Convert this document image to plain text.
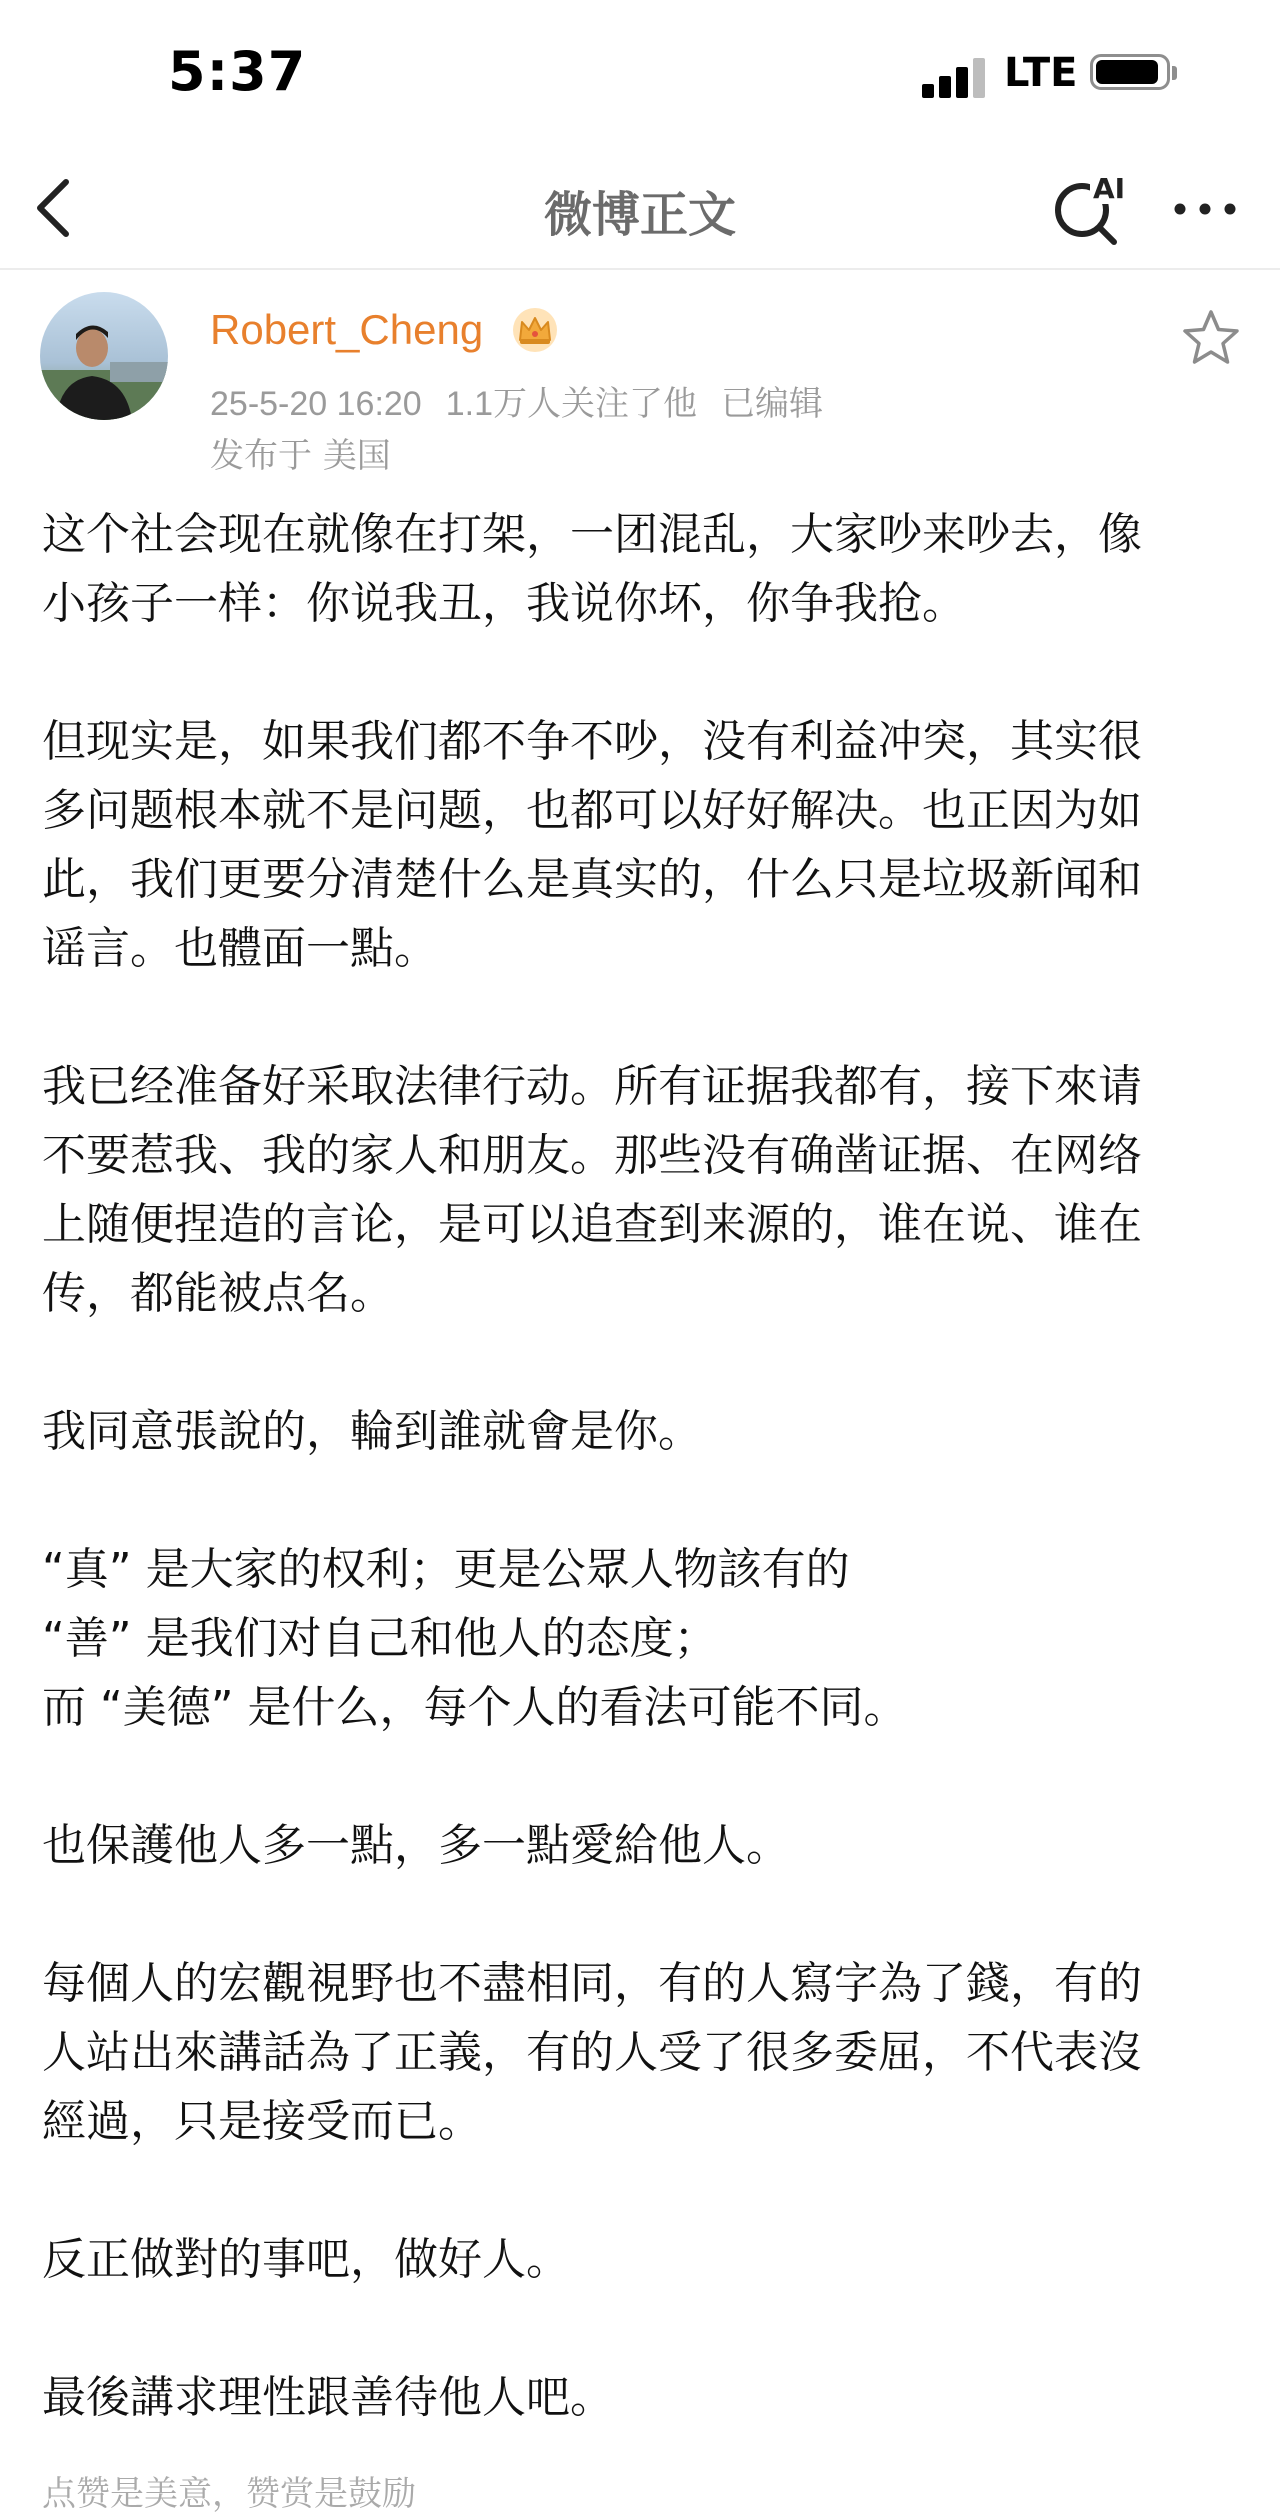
5:37	LTE
微博正文	AI
Robert_Cheng
25-5-20 16:20 1.1万人关注了他 已编辑
发布于 美国
这个社会现在就像在打架，一团混乱，大家吵来吵去，像
小孩子一样：你说我丑，我说你坏，你争我抢。
但现实是，如果我们都不争不吵，没有利益冲突，其实很
多问题根本就不是问题，也都可以好好解决。也正因为如
此，我们更要分清楚什么是真实的，什么只是垃圾新闻和
谣言。也體面一點。
我已经准备好采取法律行动。所有证据我都有，接下來请
不要惹我、我的家人和朋友。那些没有确凿证据、在网络
上随便捏造的言论，是可以追查到来源的，谁在说、谁在
传，都能被点名。
我同意張說的，輪到誰就會是你。
“真” 是大家的权利；更是公眾人物該有的
“善” 是我们对自己和他人的态度；
而 “美德” 是什么，每个人的看法可能不同。
也保護他人多一點，多一點愛給他人。
每個人的宏觀視野也不盡相同，有的人寫字為了錢，有的
人站出來講話為了正義，有的人受了很多委屈，不代表沒
經過，只是接受而已。
反正做對的事吧，做好人。
最後講求理性跟善待他人吧。
点赞是美意，赞赏是鼓励
